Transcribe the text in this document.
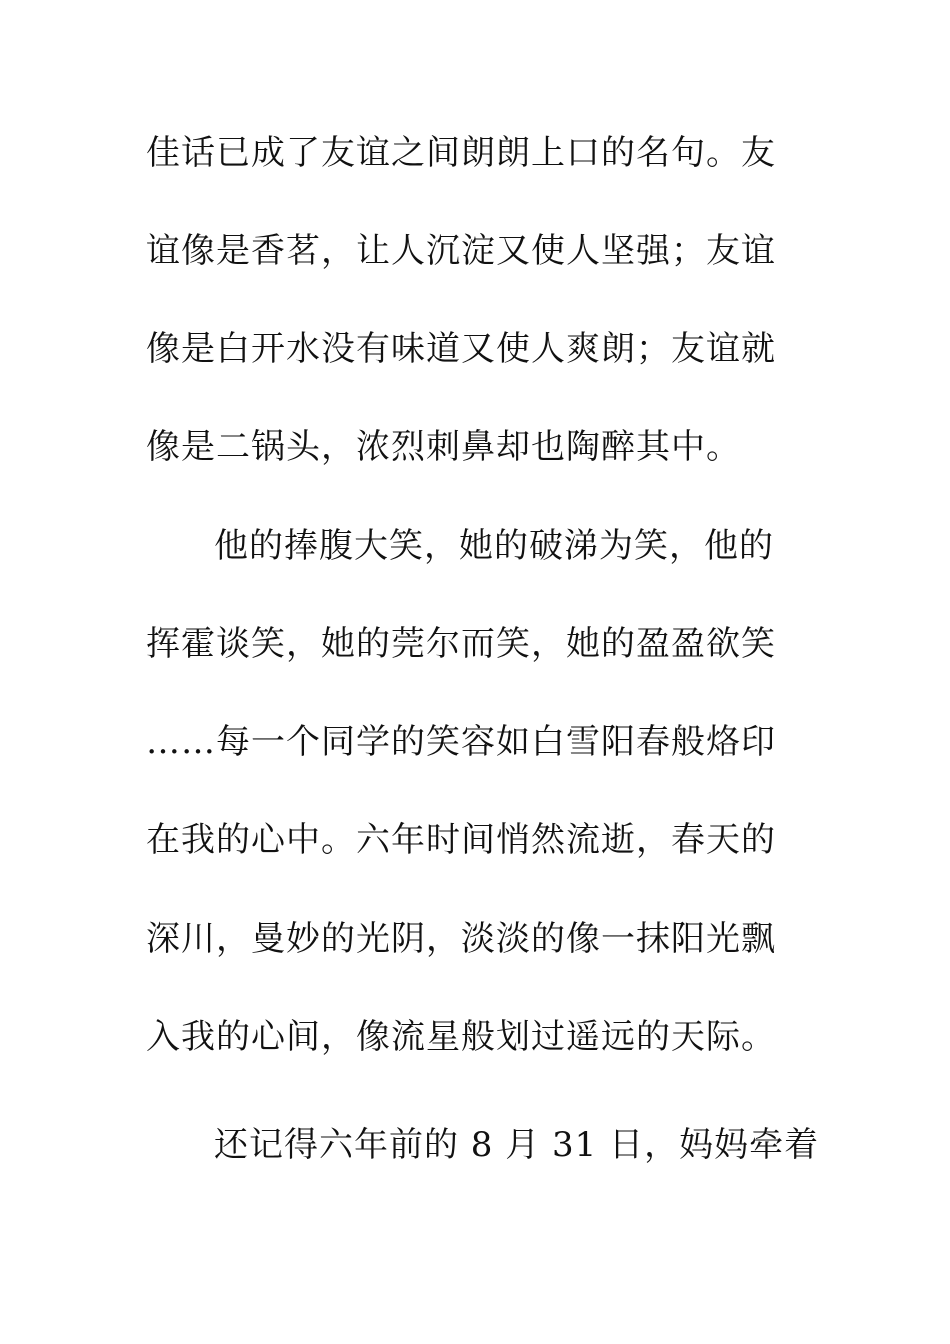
佳话已成了友谊之间朗朗上口的名句。友
谊像是香茗，让人沉淀又使人坚强；友谊
像是白开水没有味道又使人爽朗；友谊就
像是二锅头，浓烈刺鼻却也陶醉其中。
他的捧腹大笑，她的破涕为笑，他的
挥霍谈笑，她的莞尔而笑，她的盈盈欲笑
……每一个同学的笑容如白雪阳春般烙印
在我的心中。六年时间悄然流逝，春天的
深川，曼妙的光阴，淡淡的像一抹阳光飘
入我的心间，像流星般划过遥远的天际。
还记得六年前的 8 月 31 日，妈妈牵着
